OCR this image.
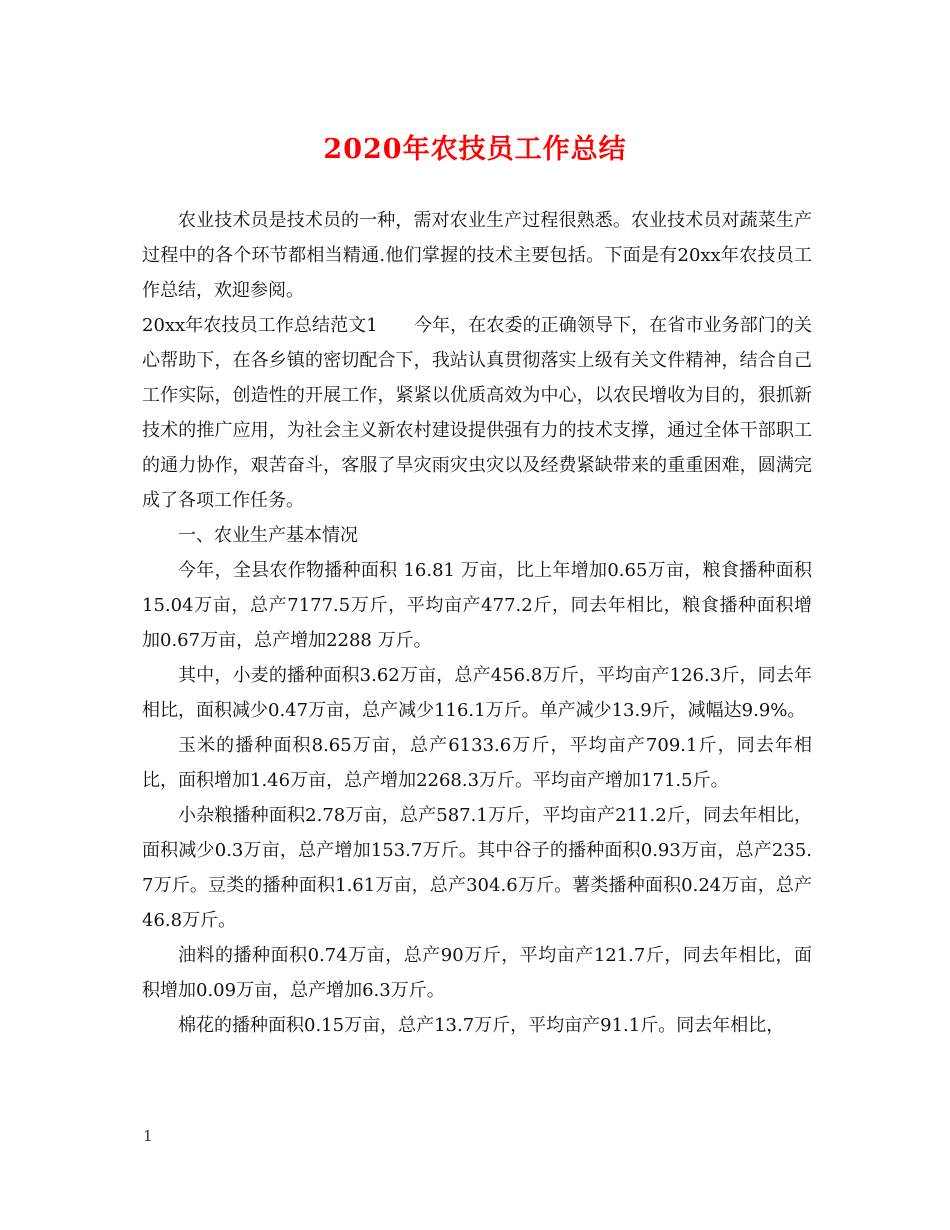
2020年农技员工作总结

农业技术员是技术员的一种，需对农业生产过程很熟悉。农业技术员对蔬菜生产过程中的各个环节都相当精通.他们掌握的技术主要包括。下面是有20xx年农技员工作总结，欢迎参阅。

20xx年农技员工作总结范文1　　今年，在农委的正确领导下，在省市业务部门的关心帮助下，在各乡镇的密切配合下，我站认真贯彻落实上级有关文件精神，结合自己工作实际，创造性的开展工作，紧紧以优质高效为中心，以农民增收为目的，狠抓新技术的推广应用，为社会主义新农村建设提供强有力的技术支撑，通过全体干部职工的通力协作，艰苦奋斗，客服了旱灾雨灾虫灾以及经费紧缺带来的重重困难，圆满完成了各项工作任务。

一、农业生产基本情况

今年，全县农作物播种面积 16.81 万亩，比上年增加0.65万亩，粮食播种面积15.04万亩，总产7177.5万斤，平均亩产477.2斤，同去年相比，粮食播种面积增加0.67万亩，总产增加2288 万斤。

其中，小麦的播种面积3.62万亩，总产456.8万斤，平均亩产126.3斤，同去年相比，面积减少0.47万亩，总产减少116.1万斤。单产减少13.9斤，减幅达9.9%。

玉米的播种面积8.65万亩，总产6133.6万斤，平均亩产709.1斤，同去年相比，面积增加1.46万亩，总产增加2268.3万斤。平均亩产增加171.5斤。

小杂粮播种面积2.78万亩，总产587.1万斤，平均亩产211.2斤，同去年相比，面积减少0.3万亩，总产增加153.7万斤。其中谷子的播种面积0.93万亩，总产235.7万斤。豆类的播种面积1.61万亩，总产304.6万斤。薯类播种面积0.24万亩，总产46.8万斤。

油料的播种面积0.74万亩，总产90万斤，平均亩产121.7斤，同去年相比，面积增加0.09万亩，总产增加6.3万斤。

棉花的播种面积0.15万亩，总产13.7万斤，平均亩产91.1斤。同去年相比，

1
